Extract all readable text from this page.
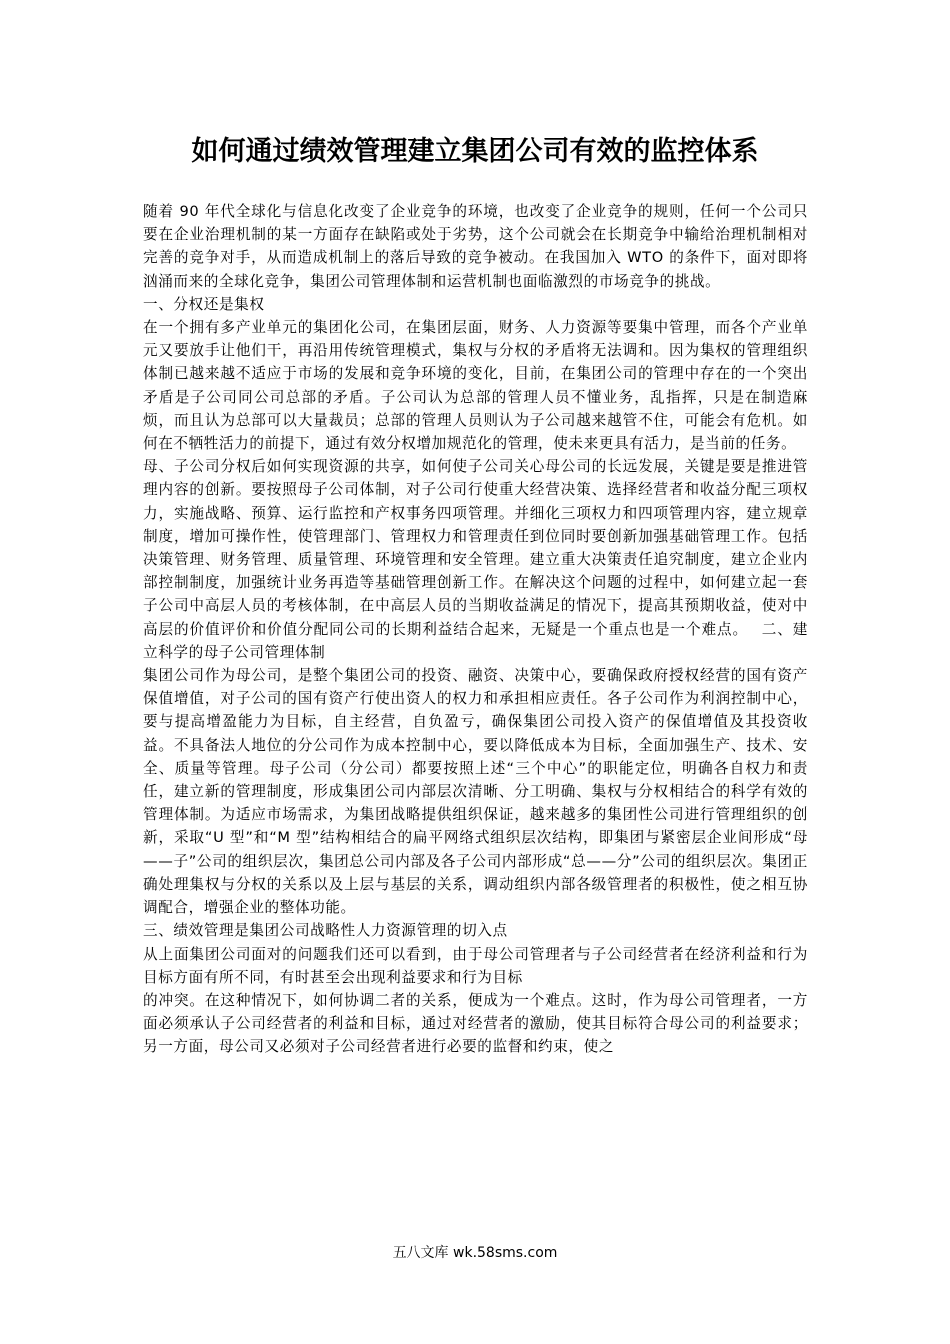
如何通过绩效管理建立集团公司有效的监控体系

随着 90 年代全球化与信息化改变了企业竞争的环境，也改变了企业竞争的规则，任何一个公司只要在企业治理机制的某一方面存在缺陷或处于劣势，这个公司就会在长期竞争中输给治理机制相对完善的竞争对手，从而造成机制上的落后导致的竞争被动。在我国加入 WTO 的条件下，面对即将汹涌而来的全球化竞争，集团公司管理体制和运营机制也面临激烈的市场竞争的挑战。

一、分权还是集权

在一个拥有多产业单元的集团化公司，在集团层面，财务、人力资源等要集中管理，而各个产业单元又要放手让他们干，再沿用传统管理模式，集权与分权的矛盾将无法调和。因为集权的管理组织体制已越来越不适应于市场的发展和竞争环境的变化，目前，在集团公司的管理中存在的一个突出矛盾是子公司同公司总部的矛盾。子公司认为总部的管理人员不懂业务，乱指挥，只是在制造麻烦，而且认为总部可以大量裁员；总部的管理人员则认为子公司越来越管不住，可能会有危机。如何在不牺牲活力的前提下，通过有效分权增加规范化的管理，使未来更具有活力，是当前的任务。

母、子公司分权后如何实现资源的共享，如何使子公司关心母公司的长远发展，关键是要是推进管理内容的创新。要按照母子公司体制，对子公司行使重大经营决策、选择经营者和收益分配三项权力，实施战略、预算、运行监控和产权事务四项管理。并细化三项权力和四项管理内容，建立规章制度，增加可操作性，使管理部门、管理权力和管理责任到位同时要创新加强基础管理工作。包括决策管理、财务管理、质量管理、环境管理和安全管理。建立重大决策责任追究制度，建立企业内部控制制度，加强统计业务再造等基础管理创新工作。在解决这个问题的过程中，如何建立起一套子公司中高层人员的考核体制，在中高层人员的当期收益满足的情况下，提高其预期收益，使对中高层的价值评价和价值分配同公司的长期利益结合起来，无疑是一个重点也是一个难点。　 二、建立科学的母子公司管理体制

集团公司作为母公司，是整个集团公司的投资、融资、决策中心，要确保政府授权经营的国有资产保值增值，对子公司的国有资产行使出资人的权力和承担相应责任。各子公司作为利润控制中心，要与提高增盈能力为目标，自主经营，自负盈亏，确保集团公司投入资产的保值增值及其投资收益。不具备法人地位的分公司作为成本控制中心，要以降低成本为目标，全面加强生产、技术、安全、质量等管理。母子公司（分公司）都要按照上述“三个中心”的职能定位，明确各自权力和责任，建立新的管理制度，形成集团公司内部层次清晰、分工明确、集权与分权相结合的科学有效的管理体制。为适应市场需求，为集团战略提供组织保证，越来越多的集团性公司进行管理组织的创新，采取“U 型”和“M 型”结构相结合的扁平网络式组织层次结构，即集团与紧密层企业间形成“母——子”公司的组织层次，集团总公司内部及各子公司内部形成“总——分”公司的组织层次。集团正确处理集权与分权的关系以及上层与基层的关系，调动组织内部各级管理者的积极性，使之相互协调配合，增强企业的整体功能。

三、绩效管理是集团公司战略性人力资源管理的切入点

从上面集团公司面对的问题我们还可以看到，由于母公司管理者与子公司经营者在经济利益和行为目标方面有所不同，有时甚至会出现利益要求和行为目标

的冲突。在这种情况下，如何协调二者的关系，便成为一个难点。这时，作为母公司管理者，一方面必须承认子公司经营者的利益和目标，通过对经营者的激励，使其目标符合母公司的利益要求；另一方面，母公司又必须对子公司经营者进行必要的监督和约束，使之

五八文库 wk.58sms.com
